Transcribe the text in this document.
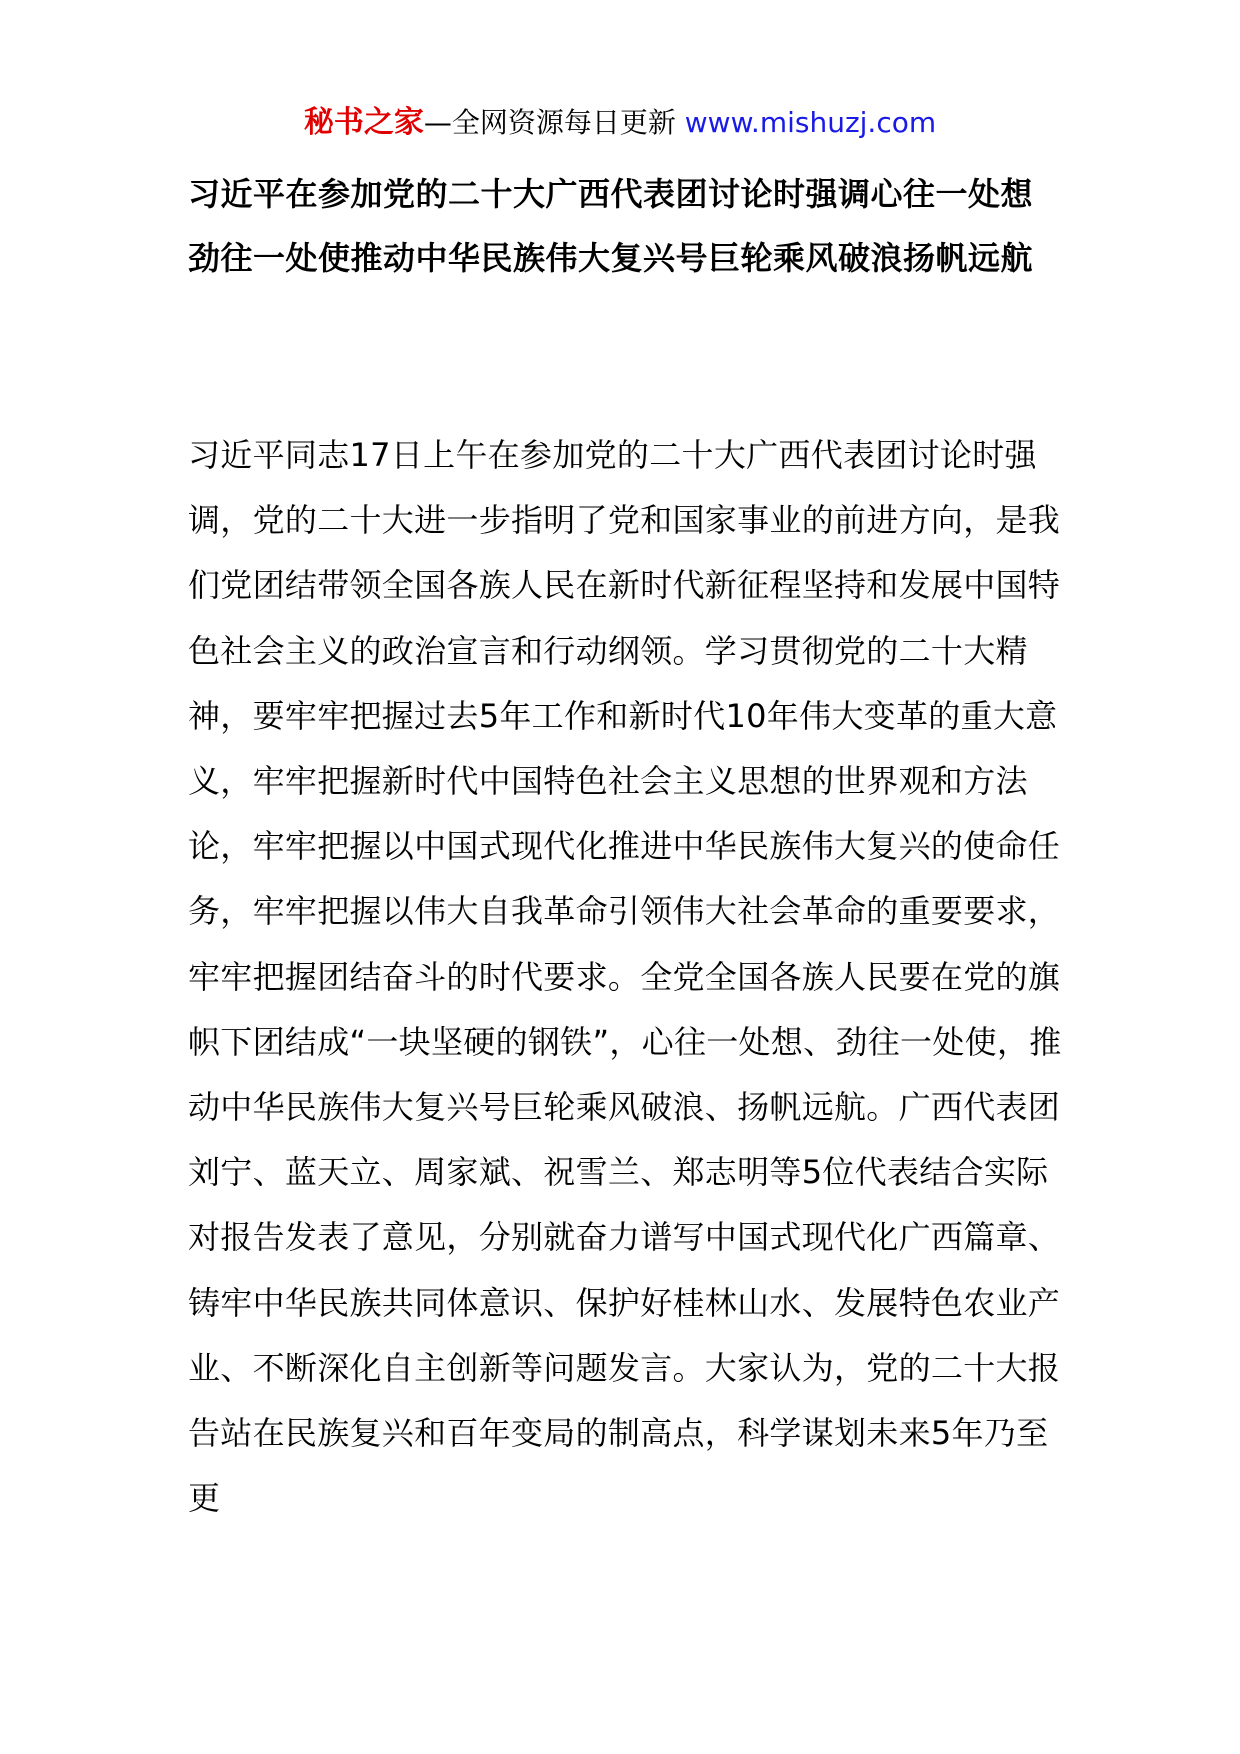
秘书之家—全网资源每日更新 www.mishuzj.com
习近平在参加党的二十大广西代表团讨论时强调心往一处想劲往一处使推动中华民族伟大复兴号巨轮乘风破浪扬帆远航

习近平同志17日上午在参加党的二十大广西代表团讨论时强调，党的二十大进一步指明了党和国家事业的前进方向，是我们党团结带领全国各族人民在新时代新征程坚持和发展中国特色社会主义的政治宣言和行动纲领。学习贯彻党的二十大精神，要牢牢把握过去5年工作和新时代10年伟大变革的重大意义，牢牢把握新时代中国特色社会主义思想的世界观和方法论，牢牢把握以中国式现代化推进中华民族伟大复兴的使命任务，牢牢把握以伟大自我革命引领伟大社会革命的重要要求，牢牢把握团结奋斗的时代要求。全党全国各族人民要在党的旗帜下团结成“一块坚硬的钢铁”，心往一处想、劲往一处使，推动中华民族伟大复兴号巨轮乘风破浪、扬帆远航。广西代表团刘宁、蓝天立、周家斌、祝雪兰、郑志明等5位代表结合实际对报告发表了意见，分别就奋力谱写中国式现代化广西篇章、铸牢中华民族共同体意识、保护好桂林山水、发展特色农业产业、不断深化自主创新等问题发言。大家认为，党的二十大报告站在民族复兴和百年变局的制高点，科学谋划未来5年乃至更
